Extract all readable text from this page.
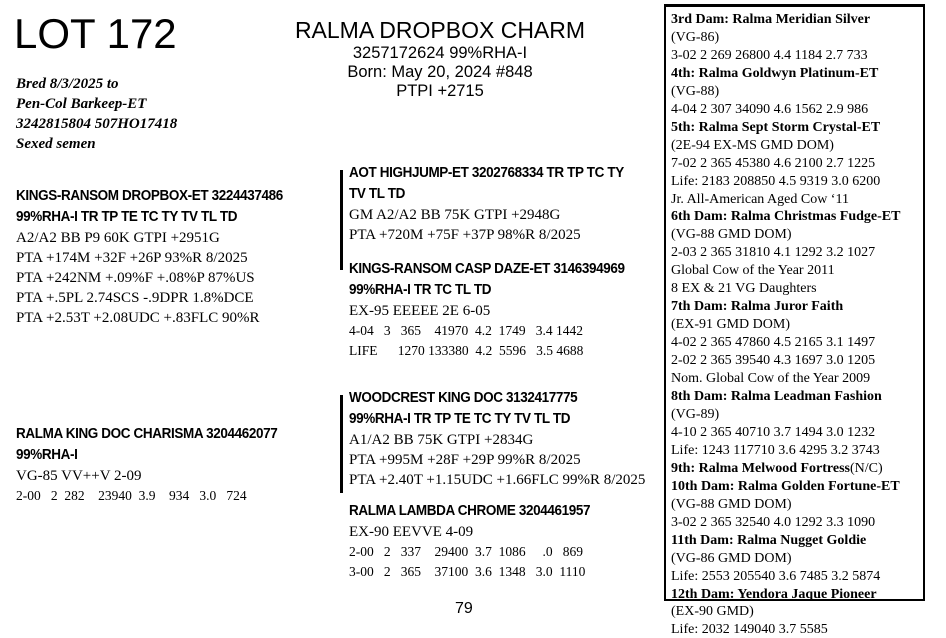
LOT 172
Bred 8/3/2025 to
Pen-Col Barkeep-ET
3242815804 507HO17418
Sexed semen
RALMA DROPBOX CHARM
3257172624 99%RHA-I
Born: May 20, 2024 #848
PTPI +2715
KINGS-RANSOM DROPBOX-ET 3224437486
99%RHA-I TR TP TE TC TY TV TL TD
A2/A2 BB P9 60K GTPI +2951G
PTA +174M +32F +26P 93%R 8/2025
PTA +242NM +.09%F +.08%P 87%US
PTA +.5PL 2.74SCS -.9DPR 1.8%DCE
PTA +2.53T +2.08UDC +.83FLC 90%R
RALMA KING DOC CHARISMA 3204462077
99%RHA-I
VG-85 VV++V 2-09
2-00   2  282    23940  3.9    934   3.0   724
AOT HIGHJUMP-ET 3202768334 TR TP TC TY
TV TL TD
GM A2/A2 BB 75K GTPI +2948G
PTA +720M +75F +37P 98%R 8/2025
KINGS-RANSOM CASP DAZE-ET 3146394969
99%RHA-I TR TC TL TD
EX-95 EEEEE 2E 6-05
4-04   3   365    41970  4.2  1749   3.4 1442
LIFE      1270 133380  4.2  5596   3.5 4688
WOODCREST KING DOC 3132417775
99%RHA-I TR TP TE TC TY TV TL TD
A1/A2 BB 75K GTPI +2834G
PTA +995M +28F +29P 99%R 8/2025
PTA +2.40T +1.15UDC +1.66FLC 99%R 8/2025
RALMA LAMBDA CHROME 3204461957
EX-90 EEVVE 4-09
2-00   2   337    29400  3.7  1086     .0   869
3-00   2   365    37100  3.6  1348   3.0  1110
3rd Dam: Ralma Meridian Silver
(VG-86)
3-02 2 269 26800 4.4 1184 2.7 733
4th: Ralma Goldwyn Platinum-ET
(VG-88)
4-04 2 307 34090 4.6 1562 2.9 986
5th: Ralma Sept Storm Crystal-ET
(2E-94 EX-MS GMD DOM)
7-02 2 365 45380 4.6 2100 2.7 1225
Life: 2183 208850 4.5 9319 3.0 6200
Jr. All-American Aged Cow ‘11
6th Dam: Ralma Christmas Fudge-ET
(VG-88 GMD DOM)
2-03 2 365 31810 4.1 1292 3.2 1027
Global Cow of the Year 2011
8 EX & 21 VG Daughters
7th Dam: Ralma Juror Faith
(EX-91 GMD DOM)
4-02 2 365 47860 4.5 2165 3.1 1497
2-02 2 365 39540 4.3 1697 3.0 1205
Nom. Global Cow of the Year 2009
8th Dam: Ralma Leadman Fashion
(VG-89)
4-10 2 365 40710 3.7 1494 3.0 1232
Life: 1243 117710 3.6 4295 3.2 3743
9th: Ralma Melwood Fortress(N/C)
10th Dam: Ralma Golden Fortune-ET
(VG-88 GMD DOM)
3-02 2 365 32540 4.0 1292 3.3 1090
11th Dam: Ralma Nugget Goldie
(VG-86 GMD DOM)
Life: 2553 205540 3.6 7485 3.2 5874
12th Dam: Yendora Jaque Pioneer
(EX-90 GMD)
Life: 2032 149040 3.7 5585
79
